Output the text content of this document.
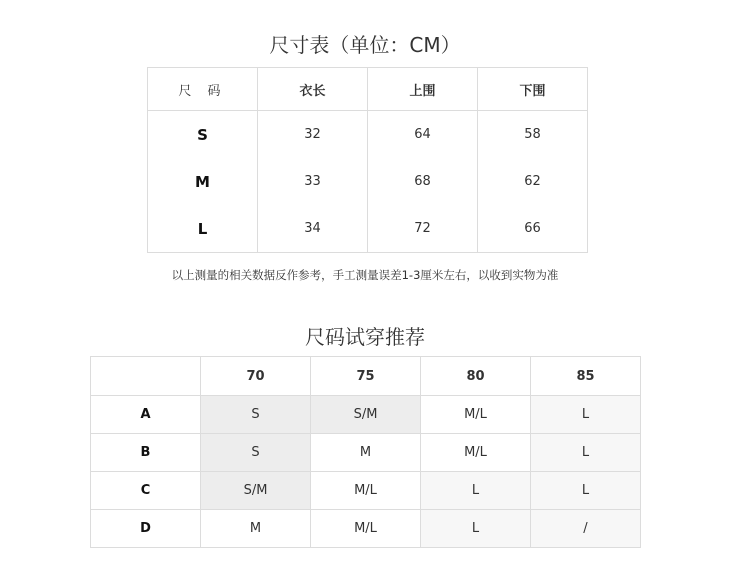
尺寸表（单位：CM）
尺 码	衣长	上围	下围
S	32	64	58
M	33	68	62
L	34	72	66
以上测量的相关数据反作参考，手工测量误差1-3厘米左右，以收到实物为准
尺码试穿推荐
	70	75	80	85
A	S	S/M	M/L	L
B	S	M	M/L	L
C	S/M	M/L	L	L
D	M	M/L	L	/
